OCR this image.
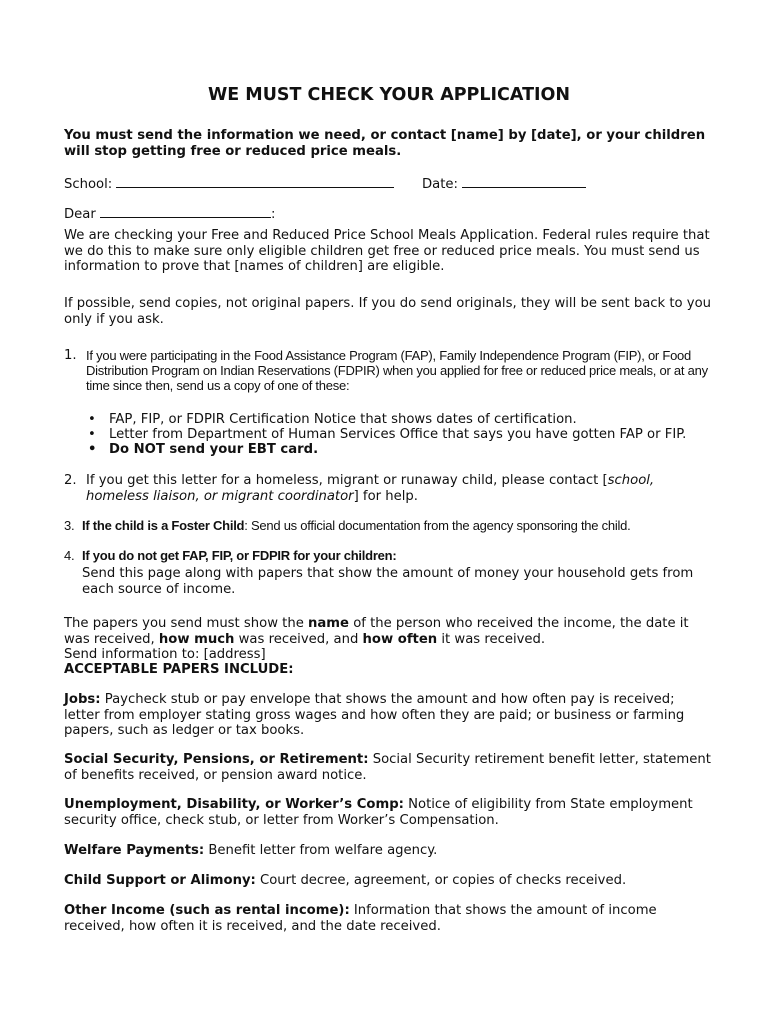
WE MUST CHECK YOUR APPLICATION

You must send the information we need, or contact [name] by [date], or your children will stop getting free or reduced price meals.

School:	Date:
Dear	:

We are checking your Free and Reduced Price School Meals Application. Federal rules require that we do this to make sure only eligible children get free or reduced price meals. You must send us information to prove that [names of children] are eligible.

If possible, send copies, not original papers. If you do send originals, they will be sent back to you only if you ask.

1. If you were participating in the Food Assistance Program (FAP), Family Independence Program (FIP), or Food Distribution Program on Indian Reservations (FDPIR) when you applied for free or reduced price meals, or at any time since then, send us a copy of one of these:

• FAP, FIP, or FDPIR Certification Notice that shows dates of certification.
• Letter from Department of Human Services Office that says you have gotten FAP or FIP.
• Do NOT send your EBT card.
2. If you get this letter for a homeless, migrant or runaway child, please contact [school, homeless liaison, or migrant coordinator] for help.

3. If the child is a Foster Child: Send us official documentation from the agency sponsoring the child.

4. If you do not get FAP, FIP, or FDPIR for your children:

Send this page along with papers that show the amount of money your household gets from each source of income.

The papers you send must show the name of the person who received the income, the date it was received, how much was received, and how often it was received.

Send information to: [address]

ACCEPTABLE PAPERS INCLUDE:

Jobs: Paycheck stub or pay envelope that shows the amount and how often pay is received; letter from employer stating gross wages and how often they are paid; or business or farming papers, such as ledger or tax books.

Social Security, Pensions, or Retirement: Social Security retirement benefit letter, statement of benefits received, or pension award notice.

Unemployment, Disability, or Worker’s Comp: Notice of eligibility from State employment security office, check stub, or letter from Worker’s Compensation.

Welfare Payments: Benefit letter from welfare agency.

Child Support or Alimony: Court decree, agreement, or copies of checks received.

Other Income (such as rental income): Information that shows the amount of income received, how often it is received, and the date received.
